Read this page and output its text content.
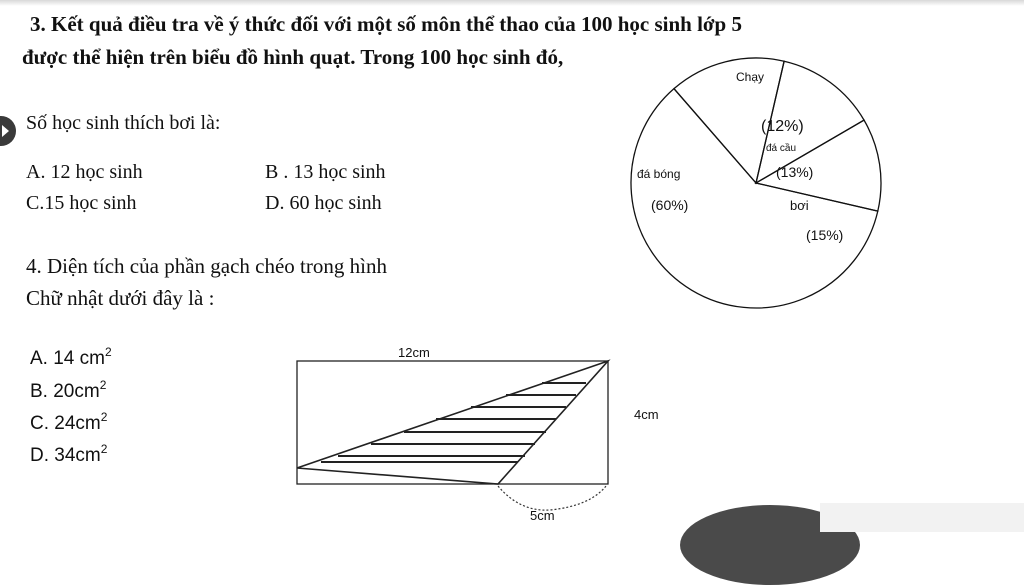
3. Kết quả điều tra về ý thức đối với một số môn thể thao của 100 học sinh lớp 5
được thể hiện trên biểu đồ hình quạt. Trong 100 học sinh đó,
Số học sinh thích bơi là:
A. 12 học sinh	B . 13 học sinh
C.15 học sinh	D. 60 học sinh
Chạy
(12%)
đá cầu
(13%)
bơi
(15%)
đá bóng
(60%)
4. Diện tích của phần gạch chéo trong hình
Chữ nhật dưới đây là :
A. 14 $cm^2$
B. $20cm^2$
C. $24cm^2$
D. $34cm^2$
12cm
4cm
5cm
